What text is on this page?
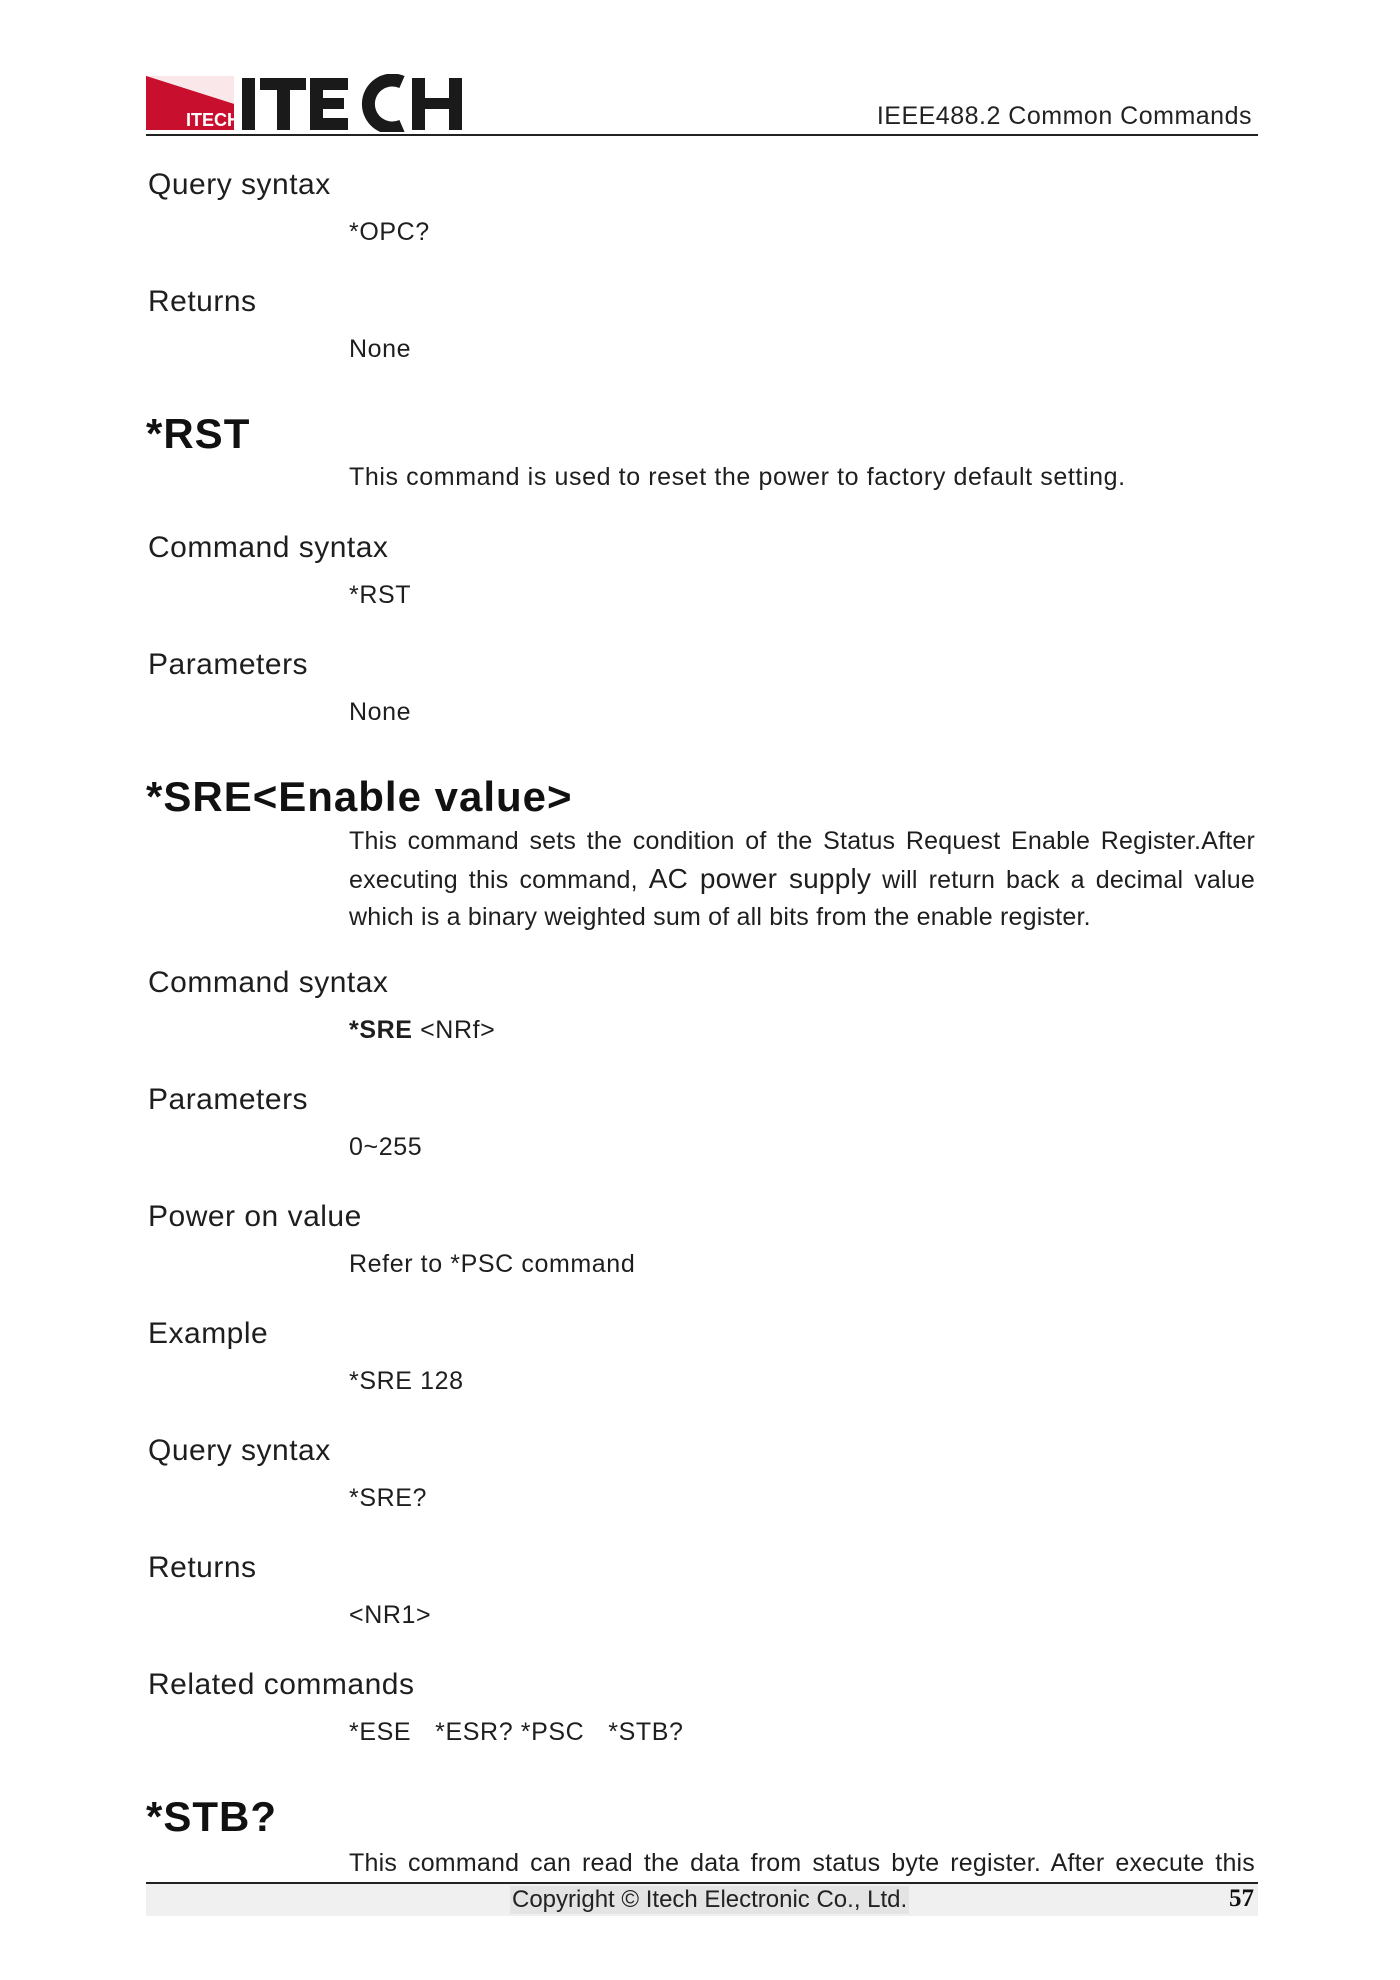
ITECH	IEEE488.2 Common Commands
Query syntax
*OPC?
Returns
None
*RST
This command is used to reset the power to factory default setting.
Command syntax
*RST
Parameters
None
*SRE<Enable value>
This command sets the condition of the Status Request Enable Register.After
executing this command, AC power supply will return back a decimal value
which is a binary weighted sum of all bits from the enable register.
Command syntax
*SRE <NRf>
Parameters
0~255
Power on value
Refer to *PSC command
Example
*SRE 128
Query syntax
*SRE?
Returns
<NR1>
Related commands
*ESE *ESR? *PSC *STB?
*STB?
This command can read the data from status byte register. After execute this
Copyright © Itech Electronic Co., Ltd.	57
